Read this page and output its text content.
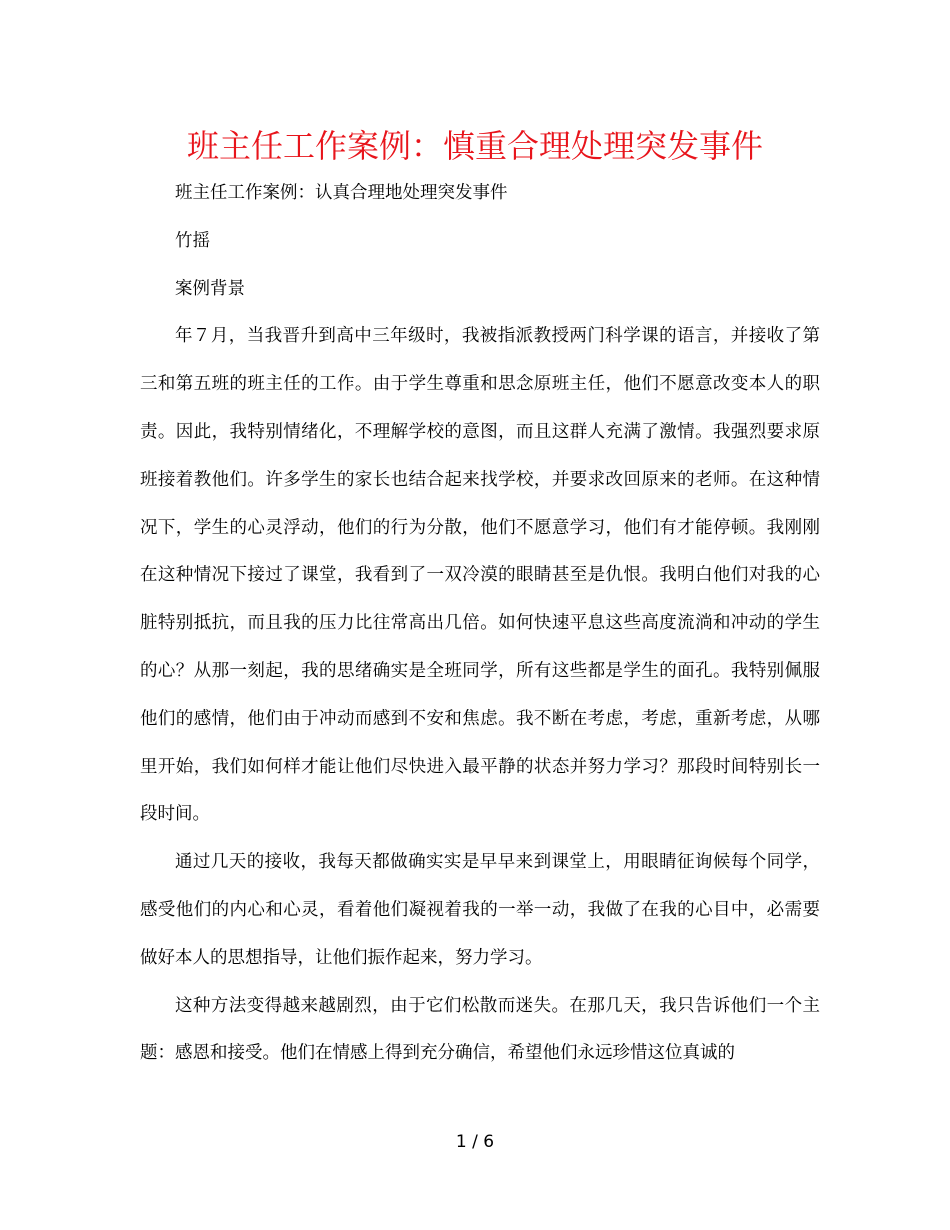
班主任工作案例：慎重合理处理突发事件

班主任工作案例：认真合理地处理突发事件

竹摇

案例背景

年７月，当我晋升到高中三年级时，我被指派教授两门科学课的语言，并接收了第三和第五班的班主任的工作。由于学生尊重和思念原班主任，他们不愿意改变本人的职责。因此，我特别情绪化，不理解学校的意图，而且这群人充满了激情。我强烈要求原班接着教他们。许多学生的家长也结合起来找学校，并要求改回原来的老师。在这种情况下，学生的心灵浮动，他们的行为分散，他们不愿意学习，他们有才能停顿。我刚刚在这种情况下接过了课堂，我看到了一双冷漠的眼睛甚至是仇恨。我明白他们对我的心脏特别抵抗，而且我的压力比往常高出几倍。如何快速平息这些高度流淌和冲动的学生的心？从那一刻起，我的思绪确实是全班同学，所有这些都是学生的面孔。我特别佩服他们的感情，他们由于冲动而感到不安和焦虑。我不断在考虑，考虑，重新考虑，从哪里开始，我们如何样才能让他们尽快进入最平静的状态并努力学习？那段时间特别长一段时间。

通过几天的接收，我每天都做确实实是早早来到课堂上，用眼睛征询候每个同学，感受他们的内心和心灵，看着他们凝视着我的一举一动，我做了在我的心目中，必需要做好本人的思想指导，让他们振作起来，努力学习。

这种方法变得越来越剧烈，由于它们松散而迷失。在那几天，我只告诉他们一个主题：感恩和接受。他们在情感上得到充分确信，希望他们永远珍惜这位真诚的

1 / 6
